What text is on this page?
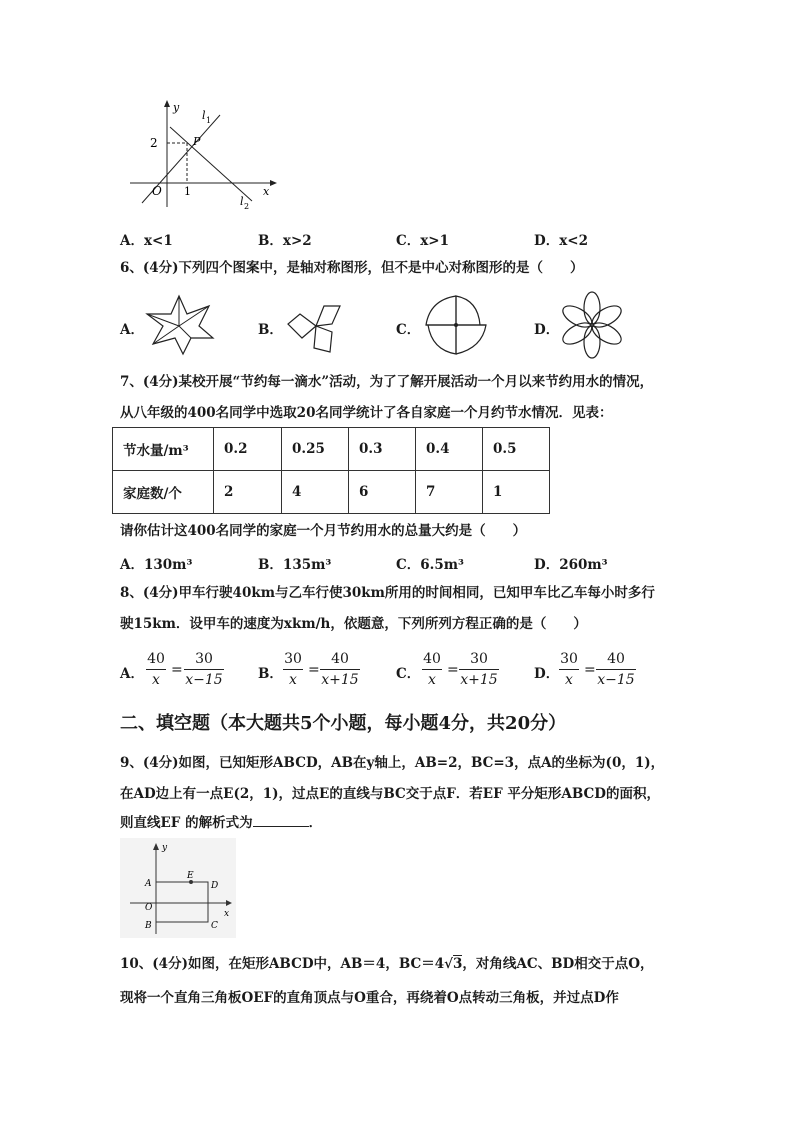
y
x
O
2
1
P
l 1
l 2
A．x<1	B．x>2	C．x>1	D．x<2
6、(4分)下列四个图案中，是轴对称图形，但不是中心对称图形的是（　　）
A．	B．	C．	D．
7、(4分)某校开展“节约每一滴水”活动，为了了解开展活动一个月以来节约用水的情况，
从八年级的400名同学中选取20名同学统计了各自家庭一个月约节水情况．见表：
节水量/m³	0.2	0.25	0.3	0.4	0.5
家庭数/个	2	4	6	7	1
请你估计这400名同学的家庭一个月节约用水的总量大约是（　　）
A．130m³	B．135m³	C．6.5m³	D．260m³
8、(4分)甲车行驶40km与乙车行使30km所用的时间相同，已知甲车比乙车每小时多行
驶15km．设甲车的速度为xkm/h，依题意，下列所列方程正确的是（　　）
A．
40
x
=
30
x−15	B．
30
x
=
40
x+15	C．
40
x
=
30
x+15	D．
30
x
=
40
x−15
二、填空题（本大题共5个小题，每小题4分，共20分）
9、(4分)如图，已知矩形ABCD，AB在y轴上，AB=2，BC=3，点A的坐标为(0，1)，
在AD边上有一点E(2，1)，过点E的直线与BC交于点F．若EF 平分矩形ABCD的面积，
则直线EF 的解析式为	．
y
x
A
E
D
O
B	C
10、(4分)如图，在矩形ABCD中，AB＝4，BC＝4√3，对角线AC、BD相交于点O，
现将一个直角三角板OEF的直角顶点与O重合，再绕着O点转动三角板，并过点D作
